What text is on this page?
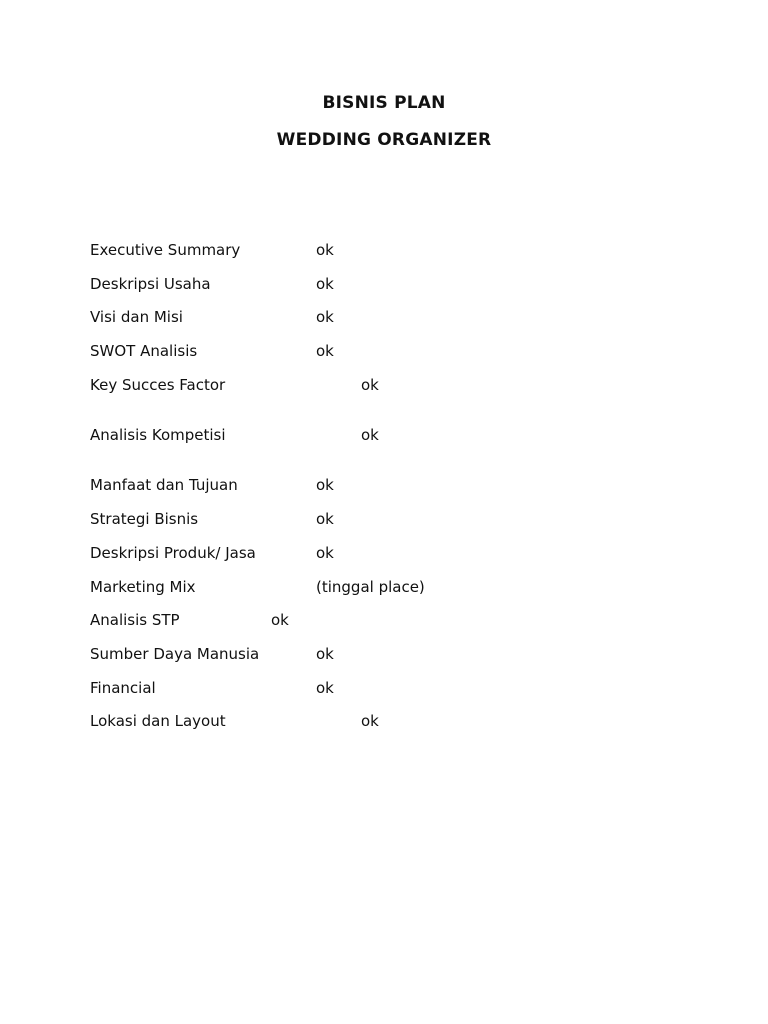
BISNIS PLAN
WEDDING ORGANIZER
Executive Summary	ok
Deskripsi Usaha	ok
Visi dan Misi	ok
SWOT Analisis	ok
Key Succes Factor	ok
Analisis Kompetisi	ok
Manfaat dan Tujuan	ok
Strategi Bisnis	ok
Deskripsi Produk/ Jasa	ok
Marketing Mix	(tinggal place)
Analisis STP	ok
Sumber Daya Manusia	ok
Financial	ok
Lokasi dan Layout	ok
